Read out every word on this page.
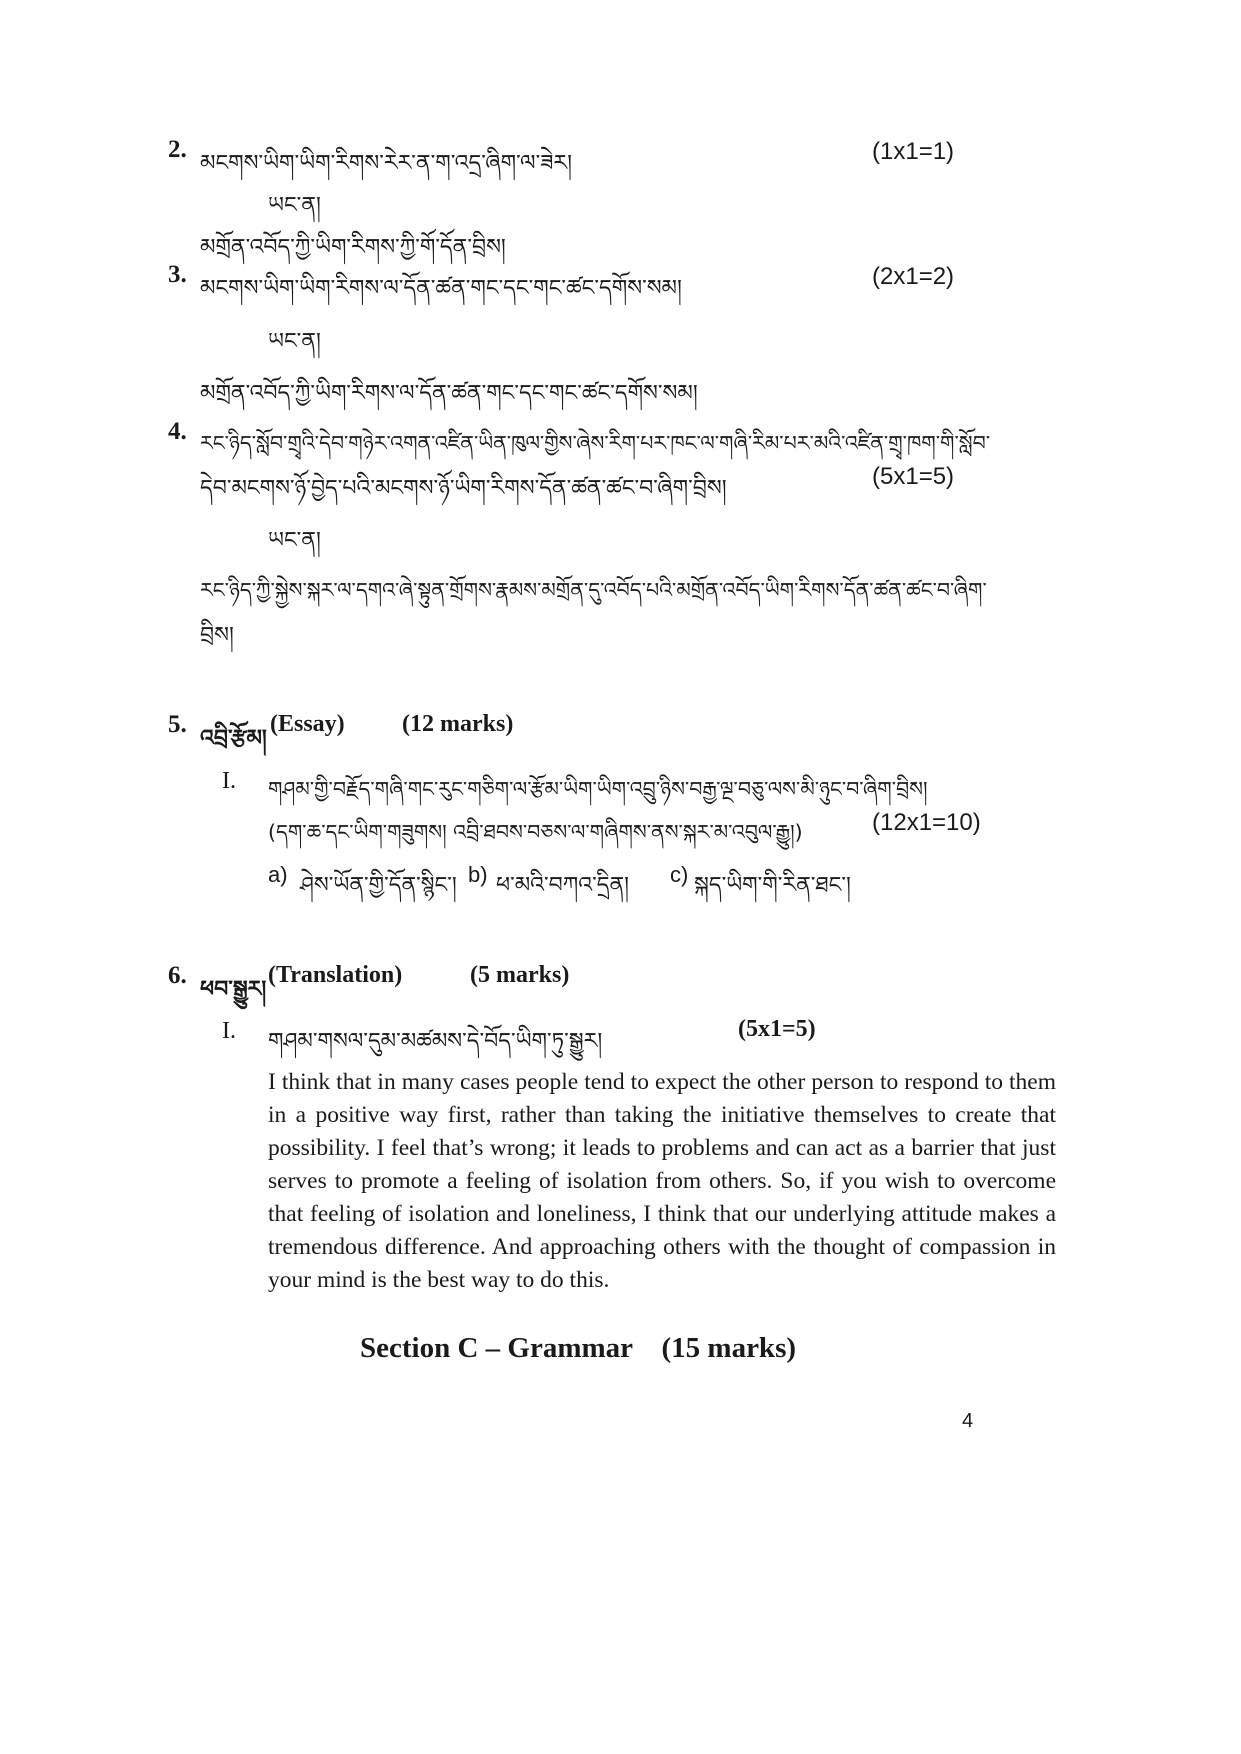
2.
མངགས་ཡིག་ཡིག་རིགས་རེར་ན་ག་འདྲ་ཞིག་ལ་ཟེར།	(1x1=1)
ཡང་ན།
མགྲོན་འབོད་ཀྱི་ཡིག་རིགས་ཀྱི་གོ་དོན་བྲིས།
3.
མངགས་ཡིག་ཡིག་རིགས་ལ་དོན་ཚན་གང་དང་གང་ཚང་དགོས་སམ།	(2x1=2)
ཡང་ན།
མགྲོན་འབོད་ཀྱི་ཡིག་རིགས་ལ་དོན་ཚན་གང་དང་གང་ཚང་དགོས་སམ།
4. རང་ཉིད་སློབ་གྲྭའི་དེབ་གཉེར་འགན་འཛིན་ཡིན་ཁུལ་གྱིས་ཞེས་རིག་པར་ཁང་ལ་གཞི་རིམ་པར་མའི་འཛིན་གྲྭ་ཁག་གི་སློབ་
དེབ་མངགས་ཉོ་བྱེད་པའི་མངགས་ཉོ་ཡིག་རིགས་དོན་ཚན་ཚང་བ་ཞིག་བྲིས།	(5x1=5)
ཡང་ན།
རང་ཉིད་ཀྱི་སྐྱེས་སྐར་ལ་དགའ་ཞེ་སྟུན་གྲོགས་རྣམས་མགྲོན་དུ་འབོད་པའི་མགྲོན་འབོད་ཡིག་རིགས་དོན་ཚན་ཚང་བ་ཞིག་
བྲིས།
5.
འབྲི་རྩོམ།
(Essay) (12 marks)
I. གཤམ་གྱི་བརྗོད་གཞི་གང་རུང་གཅིག་ལ་རྩོམ་ཡིག་ཡིག་འབྲུ་ཉིས་བརྒྱ་ལྔ་བཅུ་ལས་མི་ཉུང་བ་ཞིག་བྲིས།
(དག་ཆ་དང་ཡིག་གཟུགས། འབྲི་ཐབས་བཅས་ལ་གཞིགས་ནས་སྐར་མ་འབུལ་རྒྱུ།)	(12x1=10)
a) ཤེས་ཡོན་གྱི་དོན་སྙིང་། b) ཕ་མའི་བཀའ་དྲིན། c) སྐད་ཡིག་གི་རིན་ཐང་།
6.
ཕབ་སྒྱུར།
(Translation)	(5 marks)
I. གཤམ་གསལ་དུམ་མཚམས་དེ་བོད་ཡིག་ཏུ་སྒྱུར།	(5x1=5)
I think that in many cases people tend to expect the other person to respond to them in a positive way first, rather than taking the initiative themselves to create that possibility. I feel that’s wrong; it leads to problems and can act as a barrier that just serves to promote a feeling of isolation from others. So, if you wish to overcome that feeling of isolation and loneliness, I think that our underlying attitude makes a tremendous difference. And approaching others with the thought of compassion in your mind is the best way to do this.
Section C – Grammar    (15 marks)
4
